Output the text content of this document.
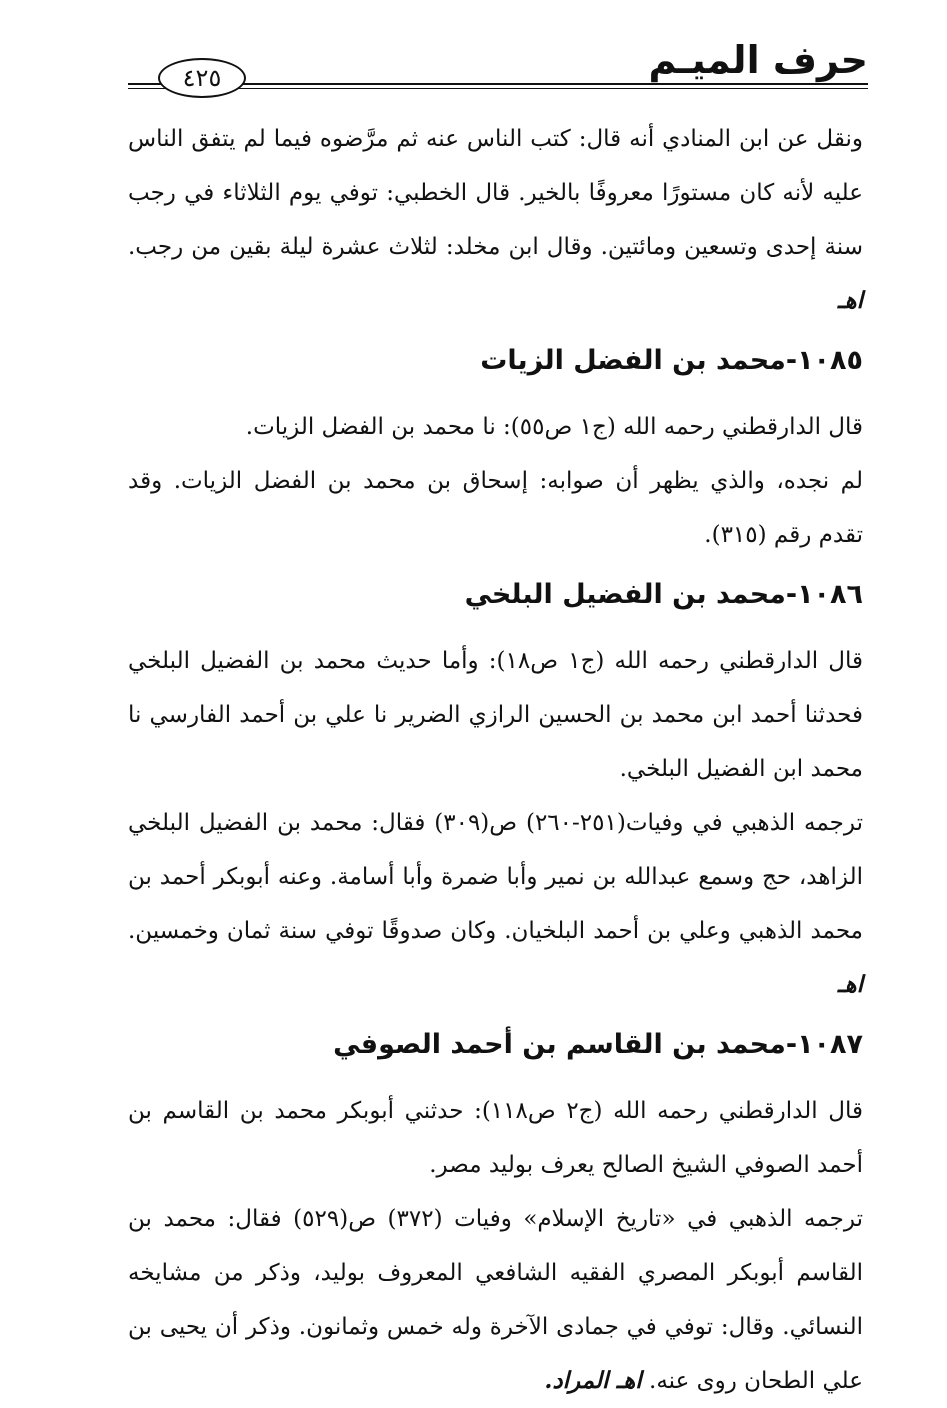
حرف الميـم
٤٢٥

ونقل عن ابن المنادي أنه قال: كتب الناس عنه ثم مرَّضوه فيما لم يتفق الناس عليه لأنه كان مستورًا معروفًا بالخير. قال الخطبي: توفي يوم الثلاثاء في رجب سنة إحدى وتسعين ومائتين. وقال ابن مخلد: لثلاث عشرة ليلة بقين من رجب. اهـ

١٠٨٥-محمد بن الفضل الزيات

قال الدارقطني رحمه الله (ج١ ص٥٥): نا محمد بن الفضل الزيات.

لم نجده، والذي يظهر أن صوابه: إسحاق بن محمد بن الفضل الزيات. وقد تقدم رقم (٣١٥).

١٠٨٦-محمد بن الفضيل البلخي

قال الدارقطني رحمه الله (ج١ ص١٨): وأما حديث محمد بن الفضيل البلخي فحدثنا أحمد ابن محمد بن الحسين الرازي الضرير نا علي بن أحمد الفارسي نا محمد ابن الفضيل البلخي.

ترجمه الذهبي في وفيات(٢٥١-٢٦٠) ص(٣٠٩) فقال: محمد بن الفضيل البلخي الزاهد، حج وسمع عبدالله بن نمير وأبا ضمرة وأبا أسامة. وعنه أبوبكر أحمد بن محمد الذهبي وعلي بن أحمد البلخيان. وكان صدوقًا توفي سنة ثمان وخمسين. اهـ

١٠٨٧-محمد بن القاسم بن أحمد الصوفي

قال الدارقطني رحمه الله (ج٢ ص١١٨): حدثني أبوبكر محمد بن القاسم بن أحمد الصوفي الشيخ الصالح يعرف بوليد مصر.

ترجمه الذهبي في «تاريخ الإسلام» وفيات (٣٧٢) ص(٥٢٩) فقال: محمد بن القاسم أبوبكر المصري الفقيه الشافعي المعروف بوليد، وذكر من مشايخه النسائي. وقال: توفي في جمادى الآخرة وله خمس وثمانون. وذكر أن يحيى بن علي الطحان روى عنه. اهـ المراد.
